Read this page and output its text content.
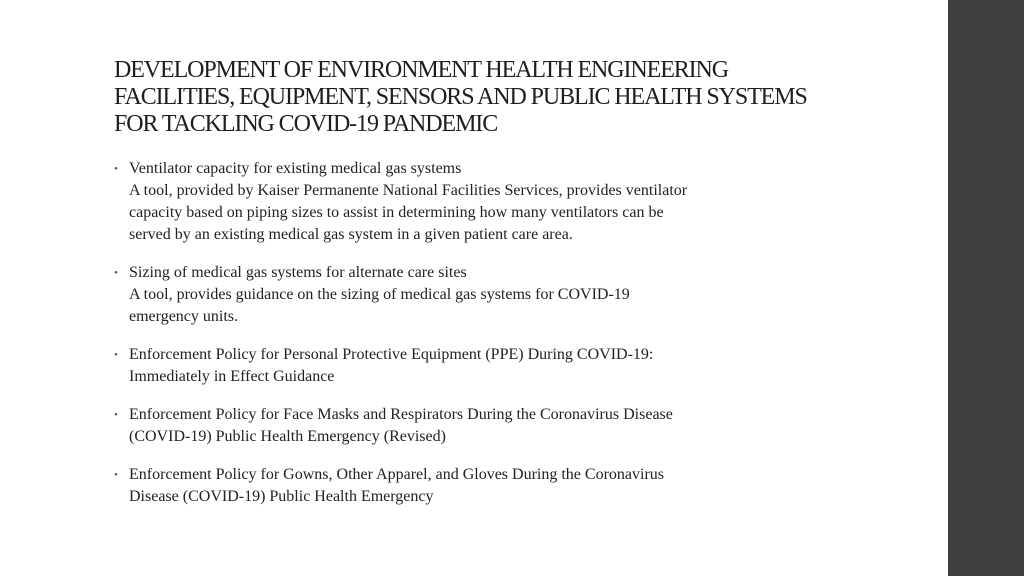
DEVELOPMENT OF ENVIRONMENT HEALTH ENGINEERING
FACILITIES, EQUIPMENT, SENSORS AND PUBLIC HEALTH SYSTEMS
FOR TACKLING COVID-19 PANDEMIC
• Ventilator capacity for existing medical gas systems
A tool, provided by Kaiser Permanente National Facilities Services, provides ventilator
capacity based on piping sizes to assist in determining how many ventilators can be
served by an existing medical gas system in a given patient care area.
• Sizing of medical gas systems for alternate care sites
A tool, provides guidance on the sizing of medical gas systems for COVID-19
emergency units.
• Enforcement Policy for Personal Protective Equipment (PPE) During COVID-19:
Immediately in Effect Guidance
• Enforcement Policy for Face Masks and Respirators During the Coronavirus Disease
(COVID-19) Public Health Emergency (Revised)
• Enforcement Policy for Gowns, Other Apparel, and Gloves During the Coronavirus
Disease (COVID-19) Public Health Emergency
